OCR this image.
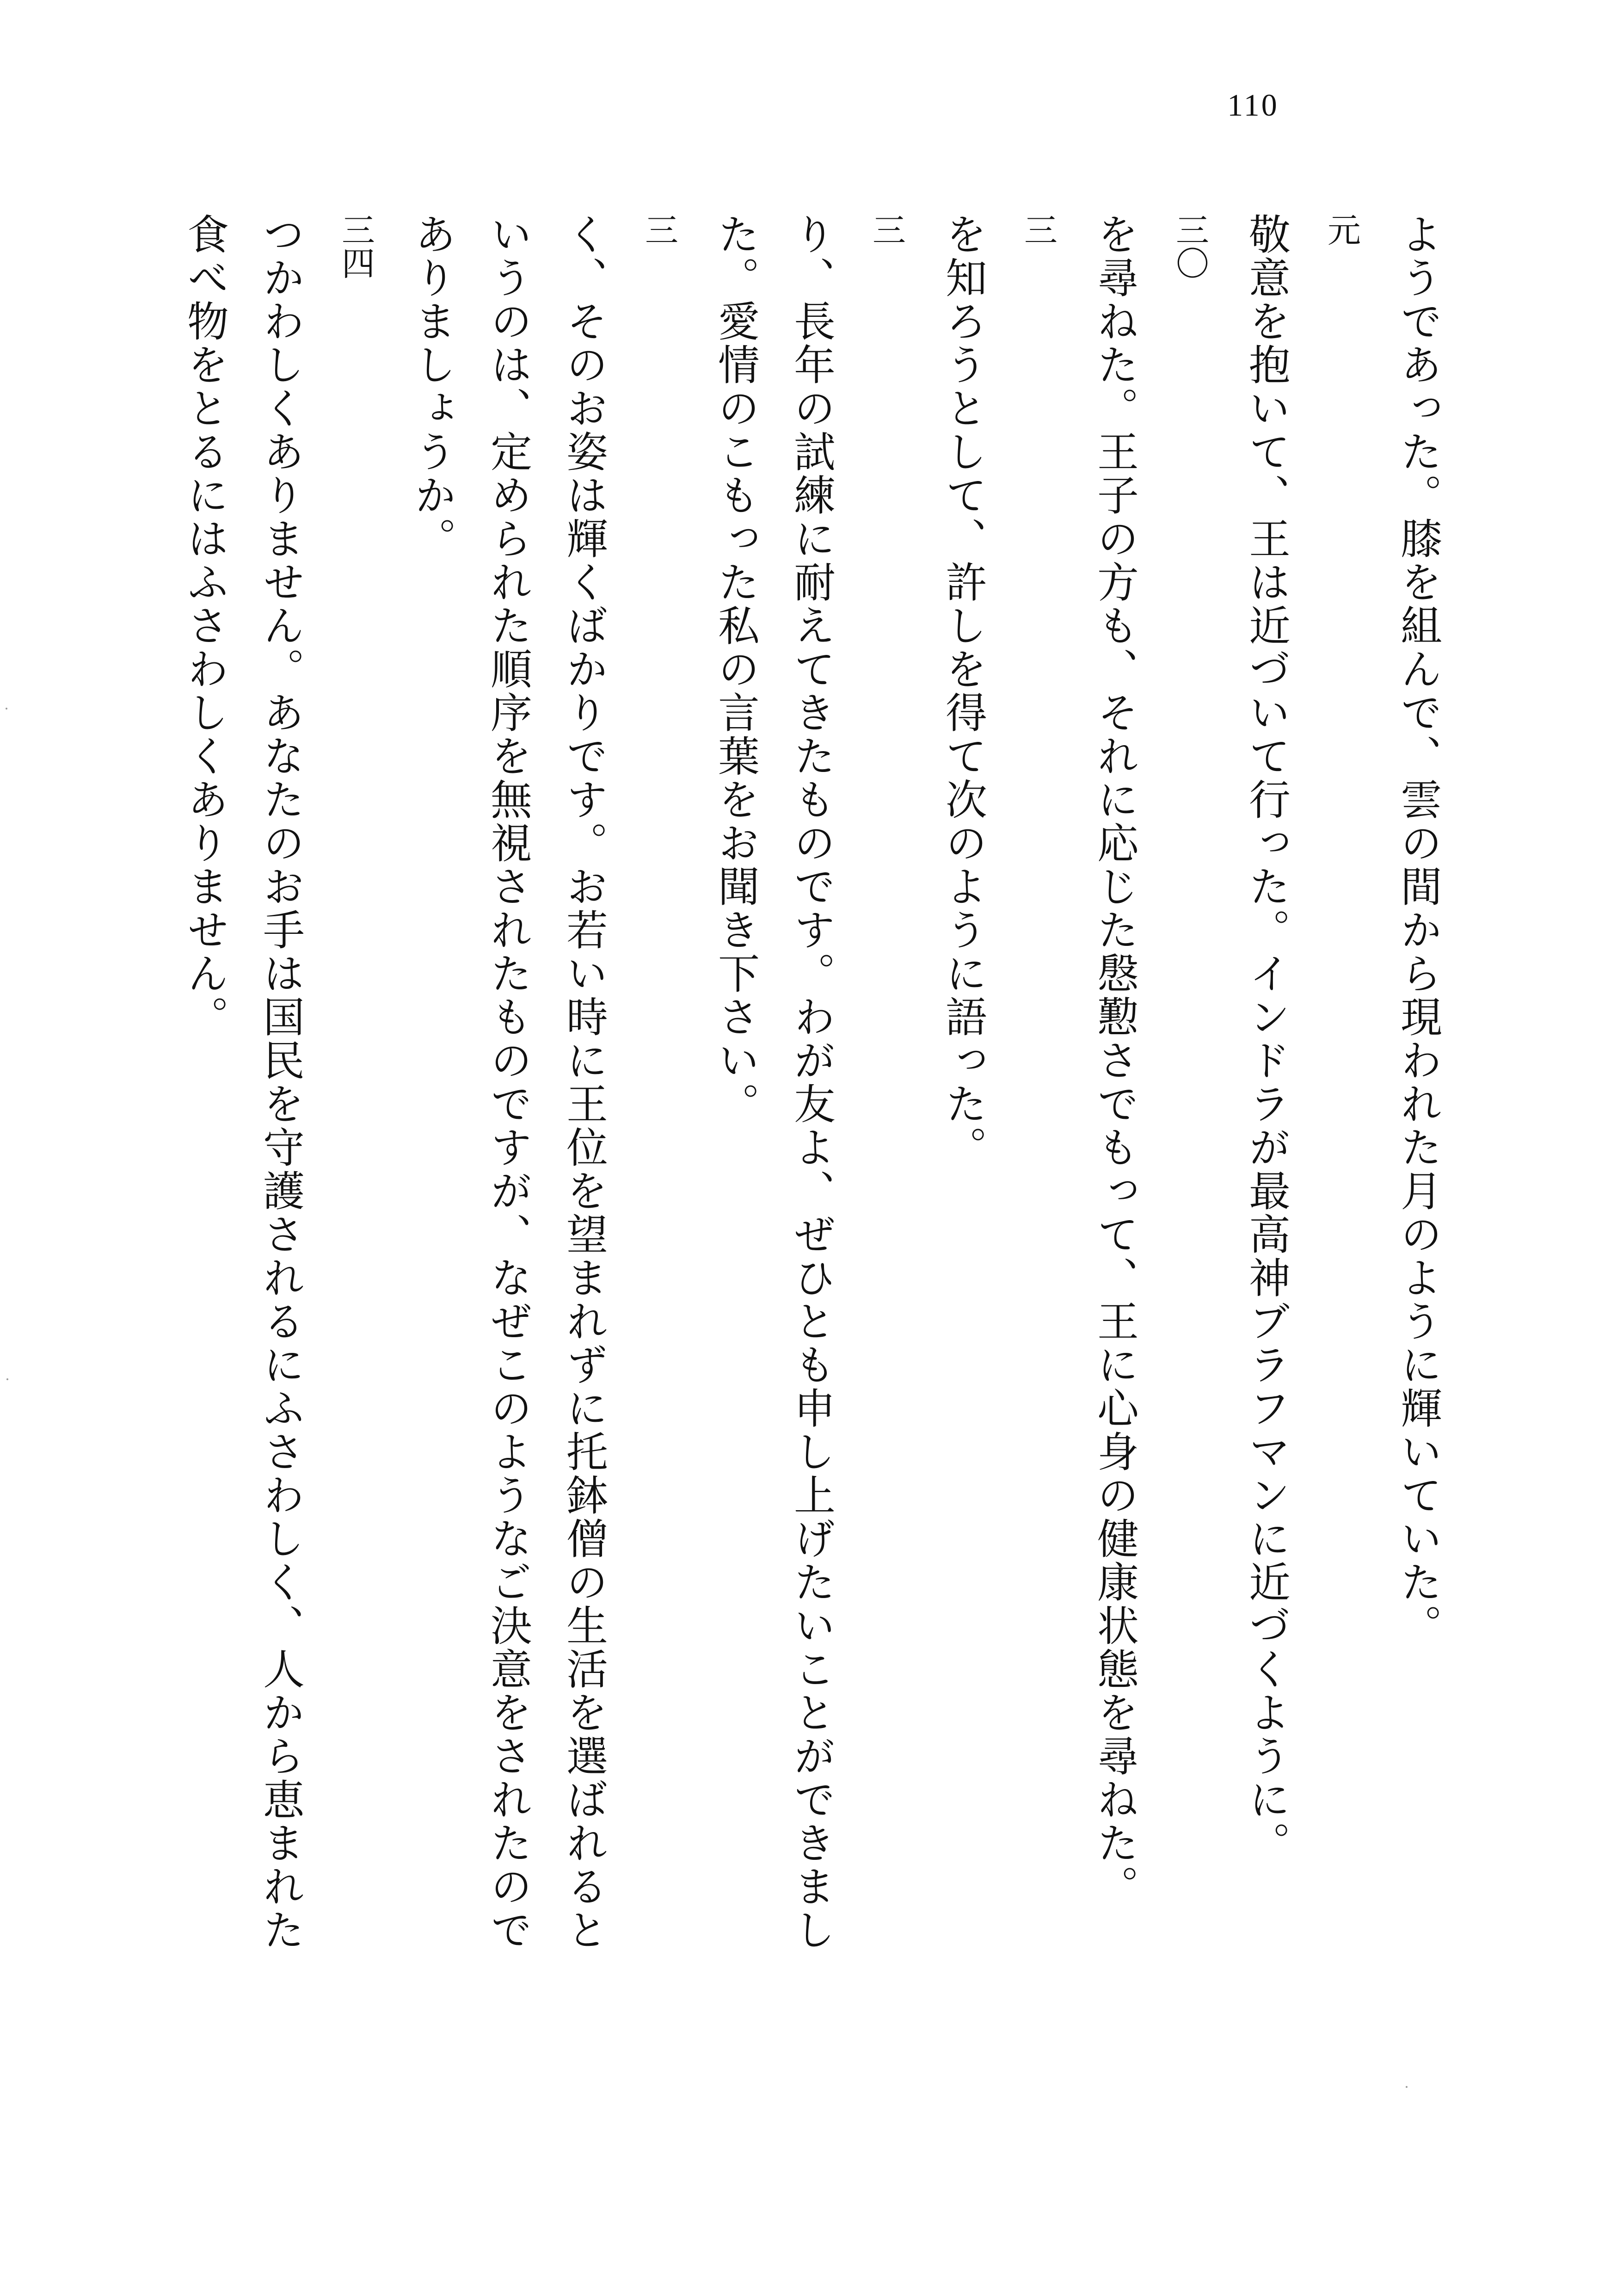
110
ようであった。膝を組んで、雲の間から現われた月のように輝いていた。
元
敬意を抱いて、王は近づいて行った。インドラが最高神ブラフマンに近づくように。
三〇
を尋ねた。王子の方も、それに応じた慇懃さでもって、王に心身の健康状態を尋ねた。
三
を知ろうとして、許しを得て次のように語った。
三
り、長年の試練に耐えてきたものです。わが友よ、ぜひとも申し上げたいことができまし
た。愛情のこもった私の言葉をお聞き下さい。
三
く、そのお姿は輝くばかりです。お若い時に王位を望まれずに托鉢僧の生活を選ばれると
いうのは、定められた順序を無視されたものですが、なぜこのようなご決意をされたので
ありましょうか。
三四
つかわしくありません。あなたのお手は国民を守護されるにふさわしく、人から恵まれた
食べ物をとるにはふさわしくありません。
